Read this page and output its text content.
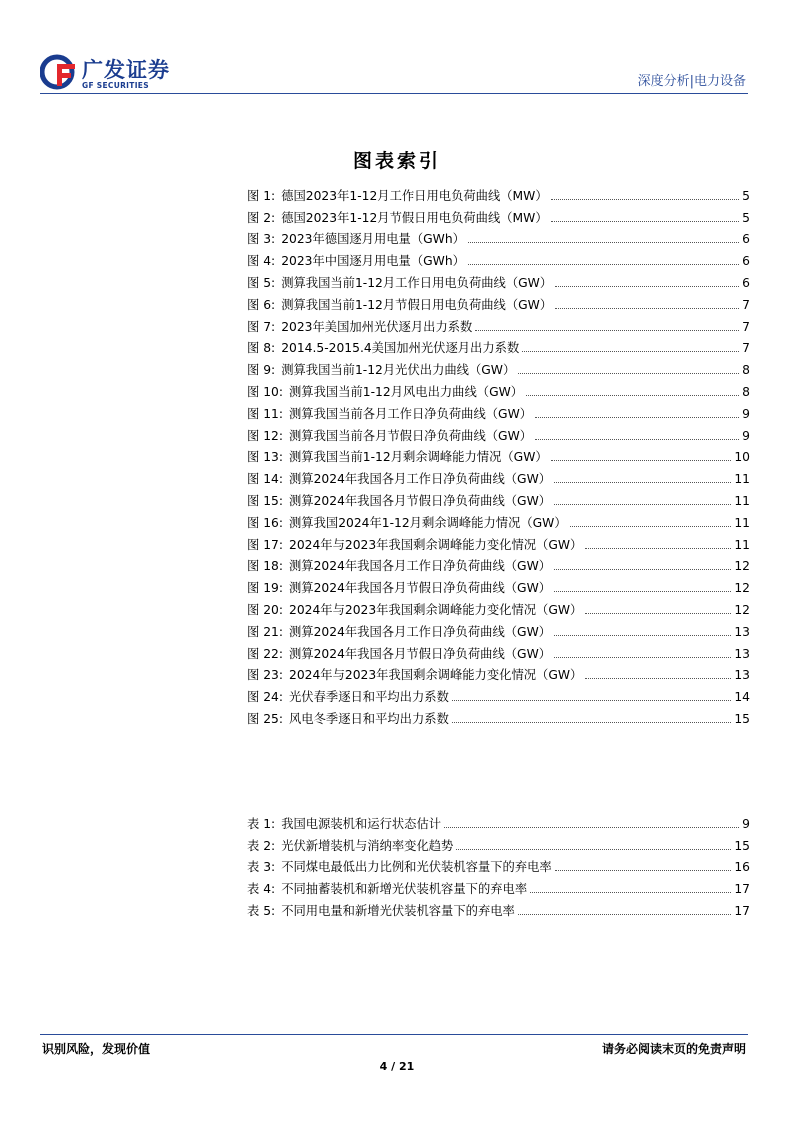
广发证券
GF SECURITIES	深度分析|电力设备
图表索引
图 1: 德国2023年1-12月工作日用电负荷曲线（MW）	5
图 2: 德国2023年1-12月节假日用电负荷曲线（MW）	5
图 3: 2023年德国逐月用电量（GWh）	6
图 4: 2023年中国逐月用电量（GWh）	6
图 5: 测算我国当前1-12月工作日用电负荷曲线（GW）	6
图 6: 测算我国当前1-12月节假日用电负荷曲线（GW）	7
图 7: 2023年美国加州光伏逐月出力系数	7
图 8: 2014.5-2015.4美国加州光伏逐月出力系数	7
图 9: 测算我国当前1-12月光伏出力曲线（GW）	8
图 10: 测算我国当前1-12月风电出力曲线（GW）	8
图 11: 测算我国当前各月工作日净负荷曲线（GW）	9
图 12: 测算我国当前各月节假日净负荷曲线（GW）	9
图 13: 测算我国当前1-12月剩余调峰能力情况（GW）	10
图 14: 测算2024年我国各月工作日净负荷曲线（GW）	11
图 15: 测算2024年我国各月节假日净负荷曲线（GW）	11
图 16: 测算我国2024年1-12月剩余调峰能力情况（GW）	11
图 17: 2024年与2023年我国剩余调峰能力变化情况（GW）	11
图 18: 测算2024年我国各月工作日净负荷曲线（GW）	12
图 19: 测算2024年我国各月节假日净负荷曲线（GW）	12
图 20: 2024年与2023年我国剩余调峰能力变化情况（GW）	12
图 21: 测算2024年我国各月工作日净负荷曲线（GW）	13
图 22: 测算2024年我国各月节假日净负荷曲线（GW）	13
图 23: 2024年与2023年我国剩余调峰能力变化情况（GW）	13
图 24: 光伏春季逐日和平均出力系数	14
图 25: 风电冬季逐日和平均出力系数	15
表 1: 我国电源装机和运行状态估计	9
表 2: 光伏新增装机与消纳率变化趋势	15
表 3: 不同煤电最低出力比例和光伏装机容量下的弃电率	16
表 4: 不同抽蓄装机和新增光伏装机容量下的弃电率	17
表 5: 不同用电量和新增光伏装机容量下的弃电率	17
识别风险，发现价值	请务必阅读末页的免责声明
4 / 21
